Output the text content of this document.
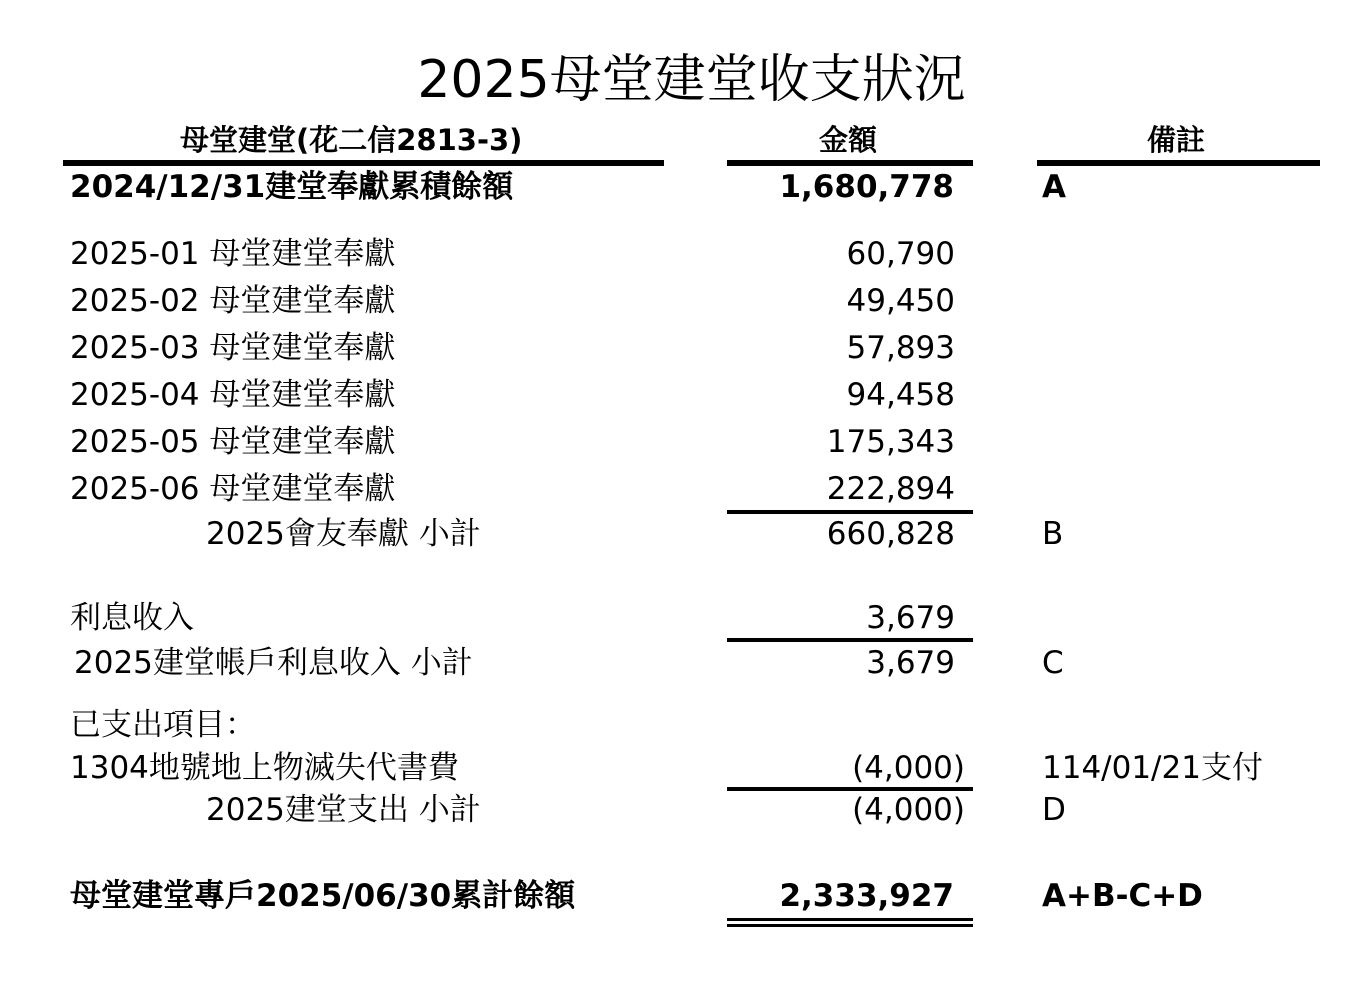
2025母堂建堂收支狀況
母堂建堂(花二信2813-3)	金額	備註
2024/12/31建堂奉獻累積餘額	1,680,778	A
2025-01 母堂建堂奉獻	60,790
2025-02 母堂建堂奉獻	49,450
2025-03 母堂建堂奉獻	57,893
2025-04 母堂建堂奉獻	94,458
2025-05 母堂建堂奉獻	175,343
2025-06 母堂建堂奉獻	222,894
2025會友奉獻 小計	660,828	B
利息收入	3,679
2025建堂帳戶利息收入 小計	3,679	C
已支出項目：
1304地號地上物滅失代書費	(4,000) 114/01/21支付
2025建堂支出 小計	(4,000) D
母堂建堂專戶2025/06/30累計餘額	2,333,927	A+B-C+D
